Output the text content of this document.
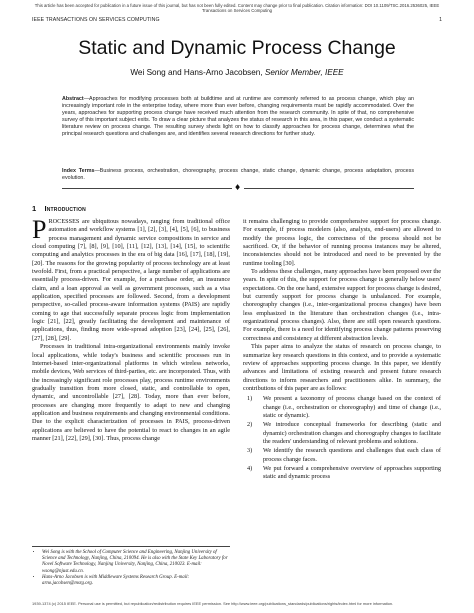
This article has been accepted for publication in a future issue of this journal, but has not been fully edited. Content may change prior to final publication. Citation information: DOI 10.1109/TSC.2016.2536025, IEEE
Transactions on Services Computing
IEEE TRANSACTIONS ON SERVICES COMPUTING	1
Static and Dynamic Process Change
Wei Song and Hans-Arno Jacobsen, Senior Member, IEEE
Abstract—Approaches for modifying processes both at buildtime and at runtime are commonly referred to as process change, which play an increasingly important role in the enterprise today, where more than ever before, changing requirements must be rapidly accommodated. Over the years, approaches for supporting process change have received much attention from the research community. In spite of that, no comprehensive survey of this important subject exits. To draw a clear picture that analyzes the status of research in this area, in this paper, we conduct a systematic literature review on process change. The resulting survey sheds light on how to classify approaches for process change, determines what the principal research questions and challenges are, and identifies several research directions for further study.
Index Terms—Business process, orchestration, choreography, process change, static change, dynamic change, process adaptation, process evolution.
♦
1 Introduction

PROCESSES are ubiquitous nowadays, ranging from traditional office automation and workflow systems [1], [2], [3], [4], [5], [6], to business process management and dynamic service compositions in service and cloud computing [7], [8], [9], [10], [11], [12], [13], [14], [15], to scientific computing and analytics processes in the era of big data [16], [17], [18], [19], [20]. The reasons for the growing popularity of process technology are at least twofold. First, from a practical perspective, a large number of applications are essentially process-driven. For example, for a purchase order, an insurance claim, and a loan approval as well as government processes, such as a visa application, specified processes are followed. Second, from a development perspective, so-called process-aware information systems (PAIS) are rapidly coming to age that successfully separate process logic from implementation logic [21], [22], greatly facilitating the development and maintenance of applications, thus, finding more wide-spread adoption [23], [24], [25], [26], [27], [28], [29].

Processes in traditional intra-organizational environments mainly invoke local applications, while today's business and scientific processes run in Internet-based inter-organizational platforms in which wireless networks, mobile devices, Web services of third-parties, etc. are incorporated. Thus, with the increasingly significant role processes play, process runtime environments gradually transition from more closed, static, and controllable to open, dynamic, and uncontrollable [27], [28]. Today, more than ever before, processes are changing more frequently to adapt to new and changing application and business requirements and changing environmental conditions. Due to the explicit characterization of processes in PAIS, process-driven applications are believed to have the potential to react to changes in an agile manner [21], [22], [29], [30]. Thus, process change

• Wei Song is with the School of Computer Science and Engineering, Nanjing University of Science and Technology, Nanjing, China, 210094. He is also with the State Key Laboratory for Novel Software Technology, Nanjing University, Nanjing, China, 210023. E-mail: wsong@njust.edu.cn.
• Hans-Arno Jacobsen is with Middleware Systems Research Group. E-mail: arno.jacobsen@msrg.org.

it remains challenging to provide comprehensive support for process change. For example, if process modelers (also, analysts, end-users) are allowed to modify the process logic, the correctness of the process should not be sacrificed. Or, if the behavior of running process instances may be altered, inconsistencies should not be introduced and need to be prevented by the runtime tooling [30].

To address these challenges, many approaches have been proposed over the years. In spite of this, the support for process change is generally below users' expectations. On the one hand, extensive support for process change is desired, but currently support for process change is unbalanced. For example, choreography changes (i.e., inter-organizational process changes) have been less emphasized in the literature than orchestration changes (i.e., intra-organizational process changes). Also, there are still open research questions. For example, there is a need for identifying process change patterns preserving correctness and consistency at different abstraction levels.

This paper aims to analyze the status of research on process change, to summarize key research questions in this context, and to provide a systematic review of approaches supporting process change. In this paper, we identify advances and limitations of existing research and present future research directions to inform researchers and practitioners alike. In summary, the contributions of this paper are as follows:

1)	We present a taxonomy of process change based on the context of change (i.e., orchestration or choreography) and time of change (i.e., static or dynamic).
2)	We introduce conceptual frameworks for describing (static and dynamic) orchestration changes and choreography changes to facilitate the readers' understanding of relevant problems and solutions.
3)	We identify the research questions and challenges that each class of process change faces.
4)	We put forward a comprehensive overview of approaches supporting static and dynamic process
1939-1374 (c) 2015 IEEE. Personal use is permitted, but republication/redistribution requires IEEE permission. See http://www.ieee.org/publications_standards/publications/rights/index.html for more information.
